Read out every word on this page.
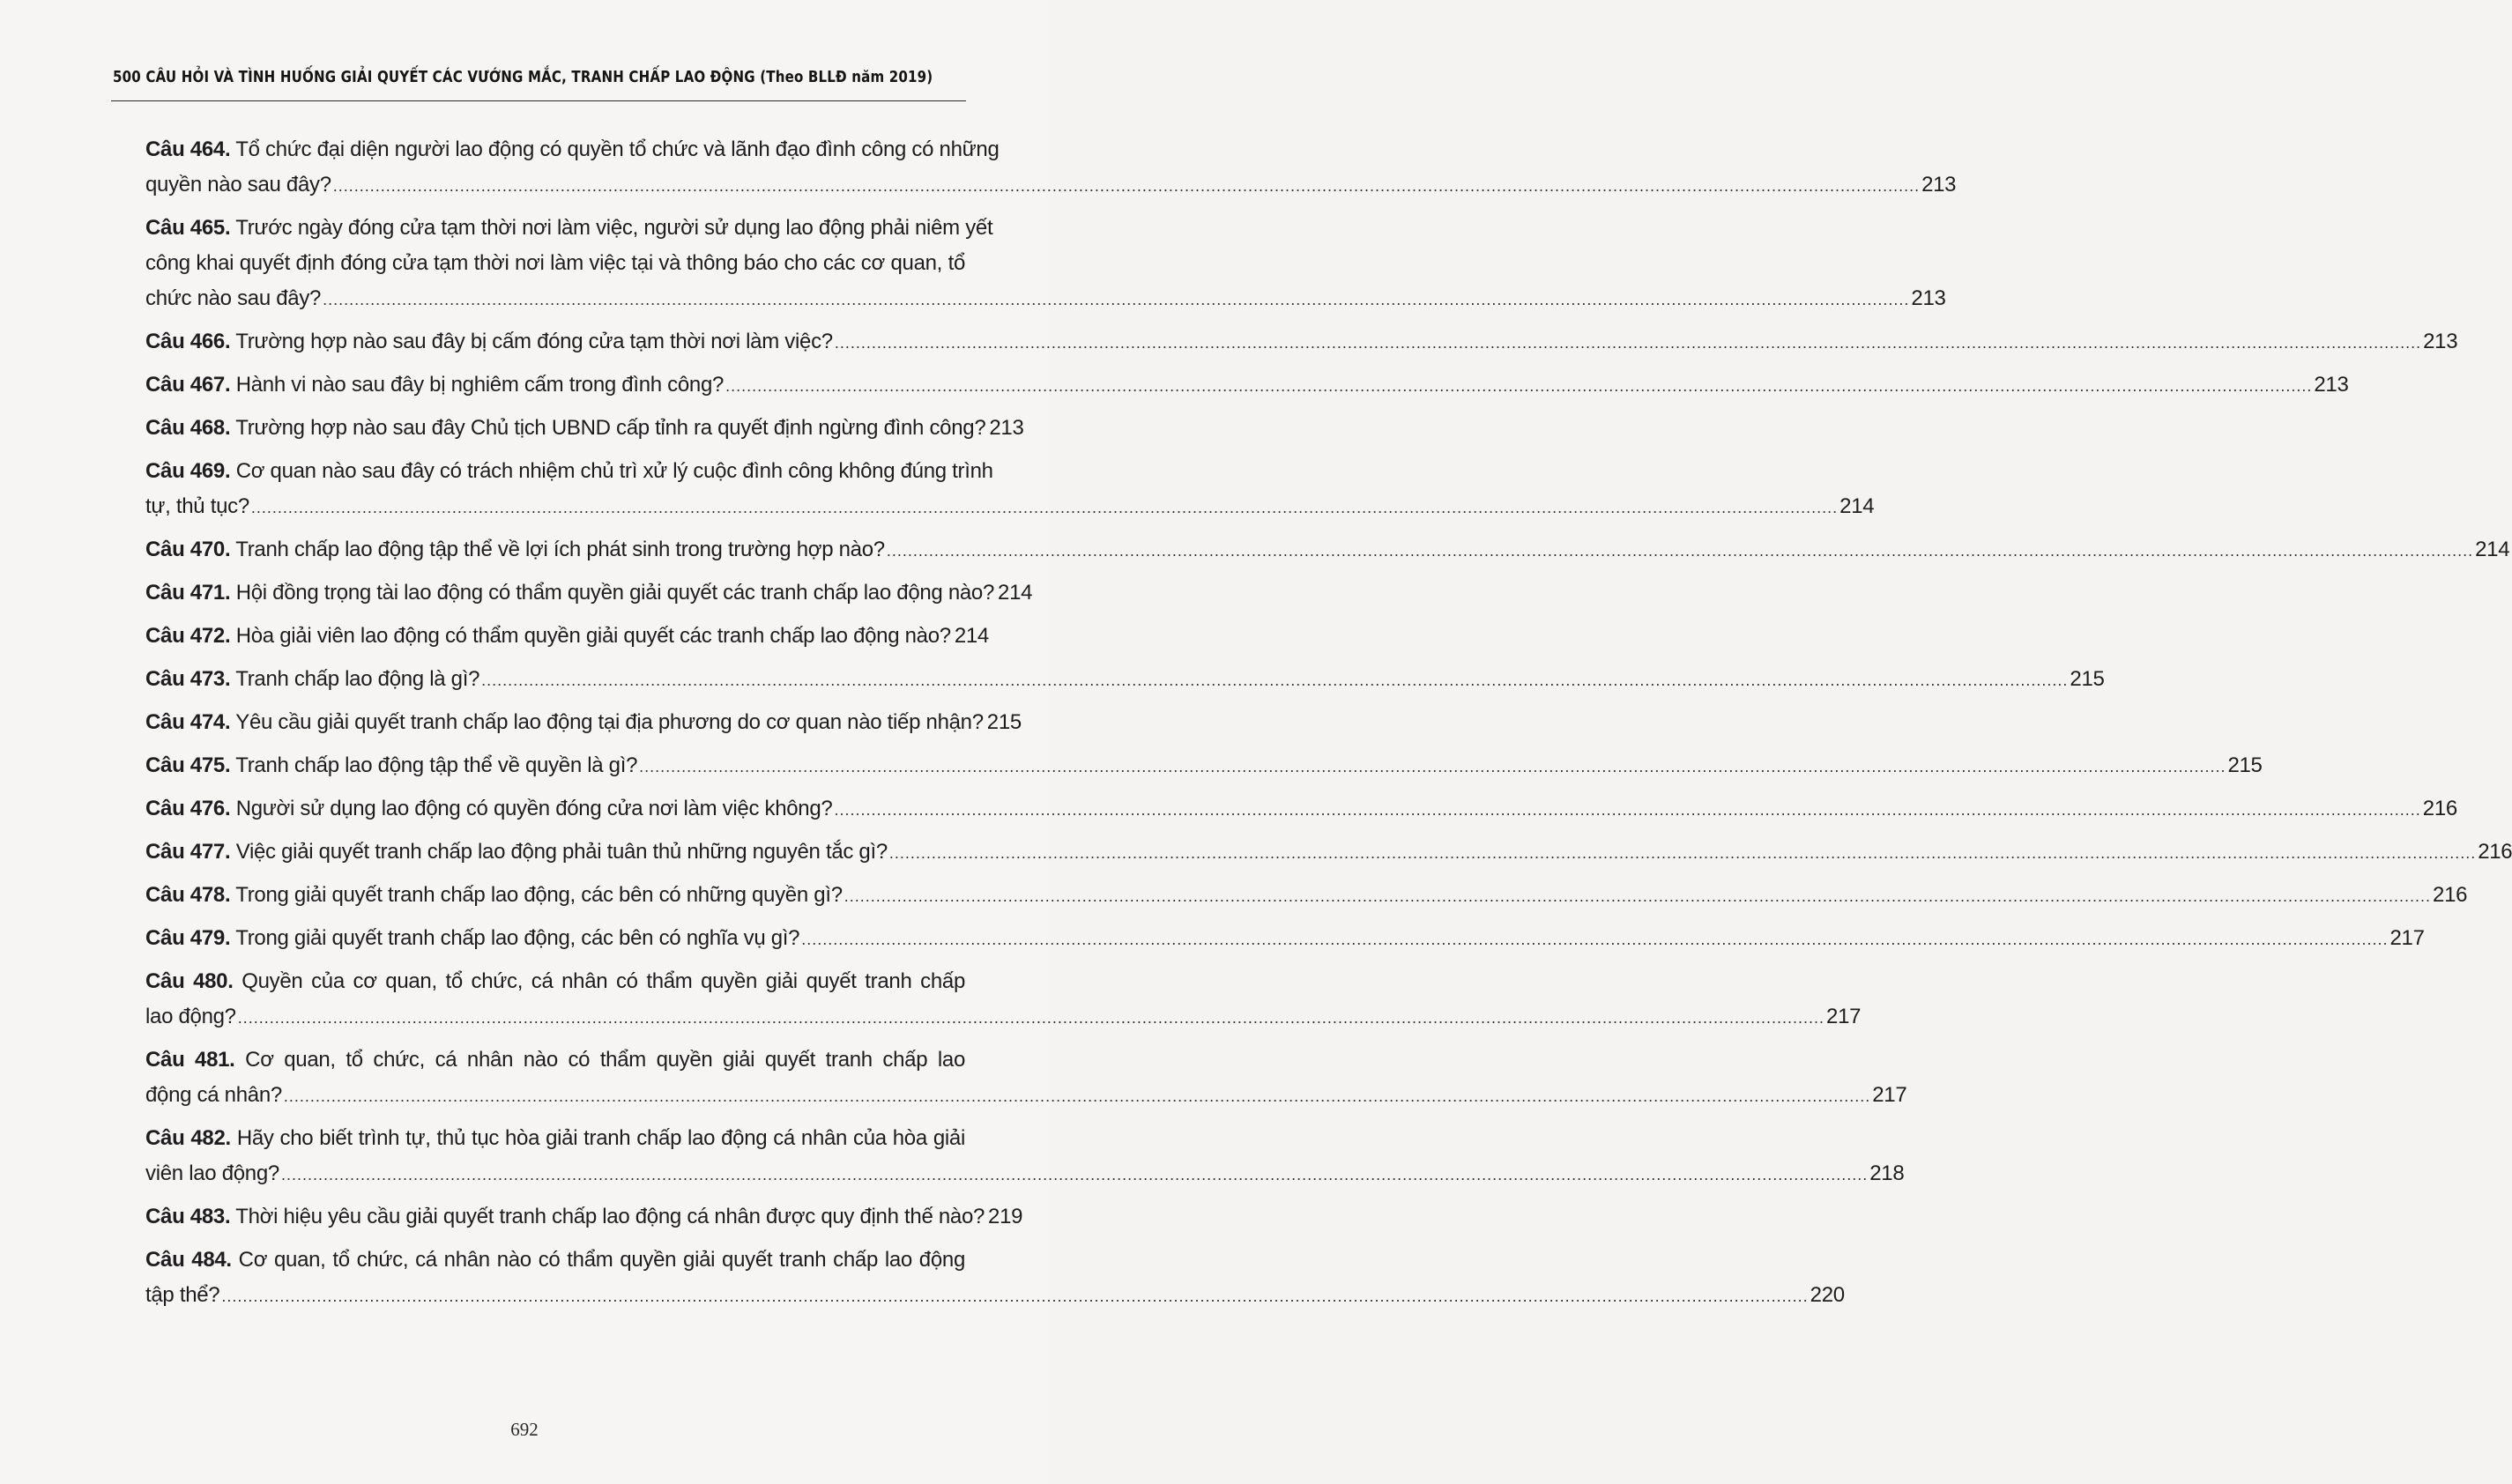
500 CÂU HỎI VÀ TÌNH HUỐNG GIẢI QUYẾT CÁC VƯỚNG MẮC, TRANH CHẤP LAO ĐỘNG (Theo BLLĐ năm 2019)
Câu 464. Tổ chức đại diện người lao động có quyền tổ chức và lãnh đạo đình công có những
quyền nào sau đây? ............................................................................................................................................................................................................................................................................................................ 213
Câu 465. Trước ngày đóng cửa tạm thời nơi làm việc, người sử dụng lao động phải niêm yết
công khai quyết định đóng cửa tạm thời nơi làm việc tại và thông báo cho các cơ quan, tổ
chức nào sau đây? ............................................................................................................................................................................................................................................................................................................ 213
Câu 466. Trường hợp nào sau đây bị cấm đóng cửa tạm thời nơi làm việc? ............................................................................................................................................................................................................................................................................................................ 213
Câu 467. Hành vi nào sau đây bị nghiêm cấm trong đình công? ............................................................................................................................................................................................................................................................................................................ 213
Câu 468. Trường hợp nào sau đây Chủ tịch UBND cấp tỉnh ra quyết định ngừng đình công? 213
Câu 469. Cơ quan nào sau đây có trách nhiệm chủ trì xử lý cuộc đình công không đúng trình
tự, thủ tục? ............................................................................................................................................................................................................................................................................................................ 214
Câu 470. Tranh chấp lao động tập thể về lợi ích phát sinh trong trường hợp nào? ............................................................................................................................................................................................................................................................................................................ 214
Câu 471. Hội đồng trọng tài lao động có thẩm quyền giải quyết các tranh chấp lao động nào? 214
Câu 472. Hòa giải viên lao động có thẩm quyền giải quyết các tranh chấp lao động nào? 214
Câu 473. Tranh chấp lao động là gì? ............................................................................................................................................................................................................................................................................................................ 215
Câu 474. Yêu cầu giải quyết tranh chấp lao động tại địa phương do cơ quan nào tiếp nhận? 215
Câu 475. Tranh chấp lao động tập thể về quyền là gì? ............................................................................................................................................................................................................................................................................................................ 215
Câu 476. Người sử dụng lao động có quyền đóng cửa nơi làm việc không? ............................................................................................................................................................................................................................................................................................................ 216
Câu 477. Việc giải quyết tranh chấp lao động phải tuân thủ những nguyên tắc gì? ............................................................................................................................................................................................................................................................................................................ 216
Câu 478. Trong giải quyết tranh chấp lao động, các bên có những quyền gì? ............................................................................................................................................................................................................................................................................................................ 216
Câu 479. Trong giải quyết tranh chấp lao động, các bên có nghĩa vụ gì? ............................................................................................................................................................................................................................................................................................................ 217
Câu 480. Quyền của cơ quan, tổ chức, cá nhân có thẩm quyền giải quyết tranh chấp
lao động? ............................................................................................................................................................................................................................................................................................................ 217
Câu 481. Cơ quan, tổ chức, cá nhân nào có thẩm quyền giải quyết tranh chấp lao
động cá nhân? ............................................................................................................................................................................................................................................................................................................ 217
Câu 482. Hãy cho biết trình tự, thủ tục hòa giải tranh chấp lao động cá nhân của hòa giải
viên lao động? ............................................................................................................................................................................................................................................................................................................ 218
Câu 483. Thời hiệu yêu cầu giải quyết tranh chấp lao động cá nhân được quy định thế nào? 219
Câu 484. Cơ quan, tổ chức, cá nhân nào có thẩm quyền giải quyết tranh chấp lao động
tập thể? ............................................................................................................................................................................................................................................................................................................ 220
692
